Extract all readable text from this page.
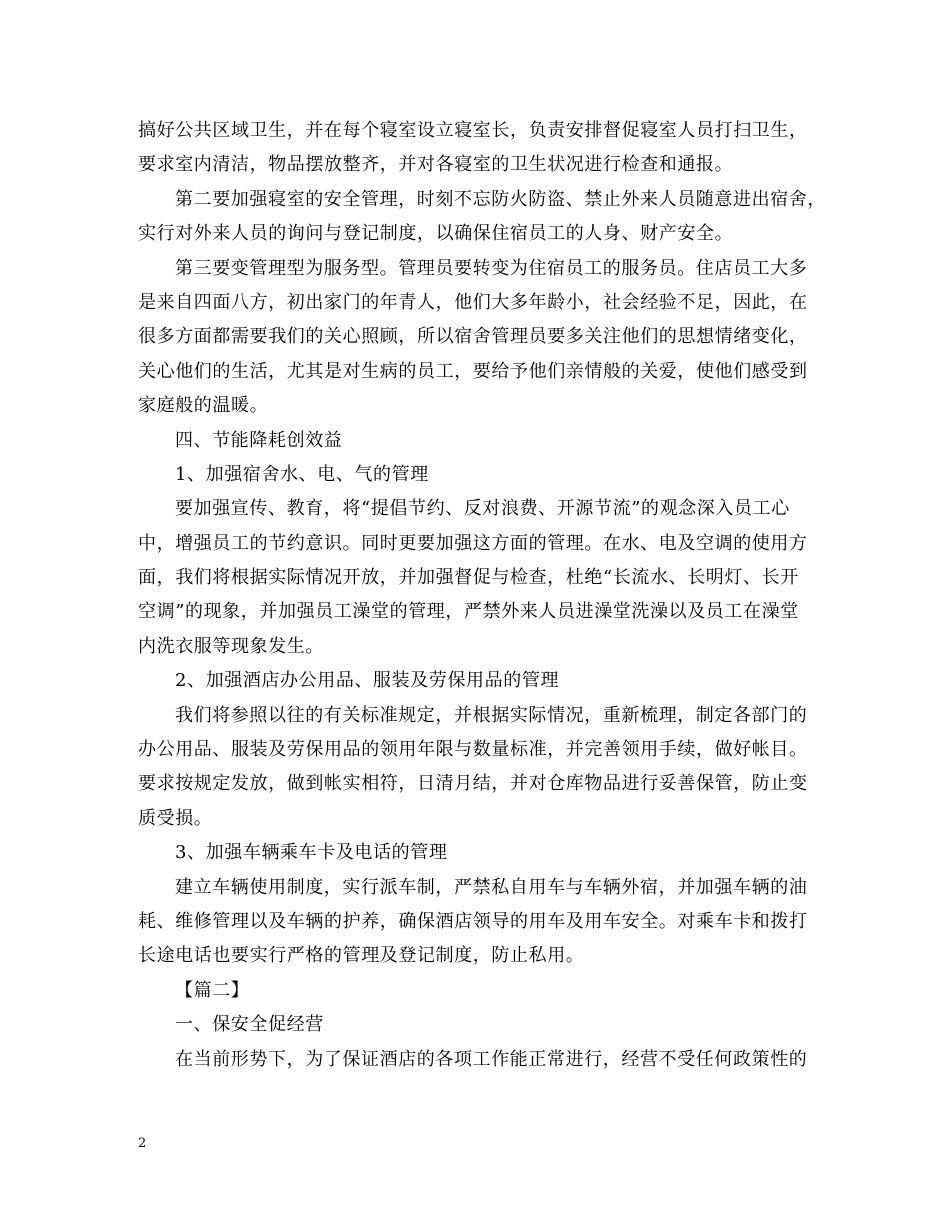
搞好公共区域卫生，并在每个寝室设立寝室长，负责安排督促寝室人员打扫卫生，
要求室内清洁，物品摆放整齐，并对各寝室的卫生状况进行检查和通报。
第二要加强寝室的安全管理，时刻不忘防火防盗、禁止外来人员随意进出宿舍，
实行对外来人员的询问与登记制度，以确保住宿员工的人身、财产安全。
第三要变管理型为服务型。管理员要转变为住宿员工的服务员。住店员工大多
是来自四面八方，初出家门的年青人，他们大多年龄小，社会经验不足，因此，在
很多方面都需要我们的关心照顾，所以宿舍管理员要多关注他们的思想情绪变化，
关心他们的生活，尤其是对生病的员工，要给予他们亲情般的关爱，使他们感受到
家庭般的温暖。
四、节能降耗创效益
1、加强宿舍水、电、气的管理
要加强宣传、教育，将“提倡节约、反对浪费、开源节流”的观念深入员工心
中，增强员工的节约意识。同时更要加强这方面的管理。在水、电及空调的使用方
面，我们将根据实际情况开放，并加强督促与检查，杜绝“长流水、长明灯、长开
空调”的现象，并加强员工澡堂的管理，严禁外来人员进澡堂洗澡以及员工在澡堂
内洗衣服等现象发生。
2、加强酒店办公用品、服装及劳保用品的管理
我们将参照以往的有关标准规定，并根据实际情况，重新梳理，制定各部门的
办公用品、服装及劳保用品的领用年限与数量标准，并完善领用手续，做好帐目。
要求按规定发放，做到帐实相符，日清月结，并对仓库物品进行妥善保管，防止变
质受损。
3、加强车辆乘车卡及电话的管理
建立车辆使用制度，实行派车制，严禁私自用车与车辆外宿，并加强车辆的油
耗、维修管理以及车辆的护养，确保酒店领导的用车及用车安全。对乘车卡和拨打
长途电话也要实行严格的管理及登记制度，防止私用。
【篇二】
一、保安全促经营
在当前形势下，为了保证酒店的各项工作能正常进行，经营不受任何政策性的
2
